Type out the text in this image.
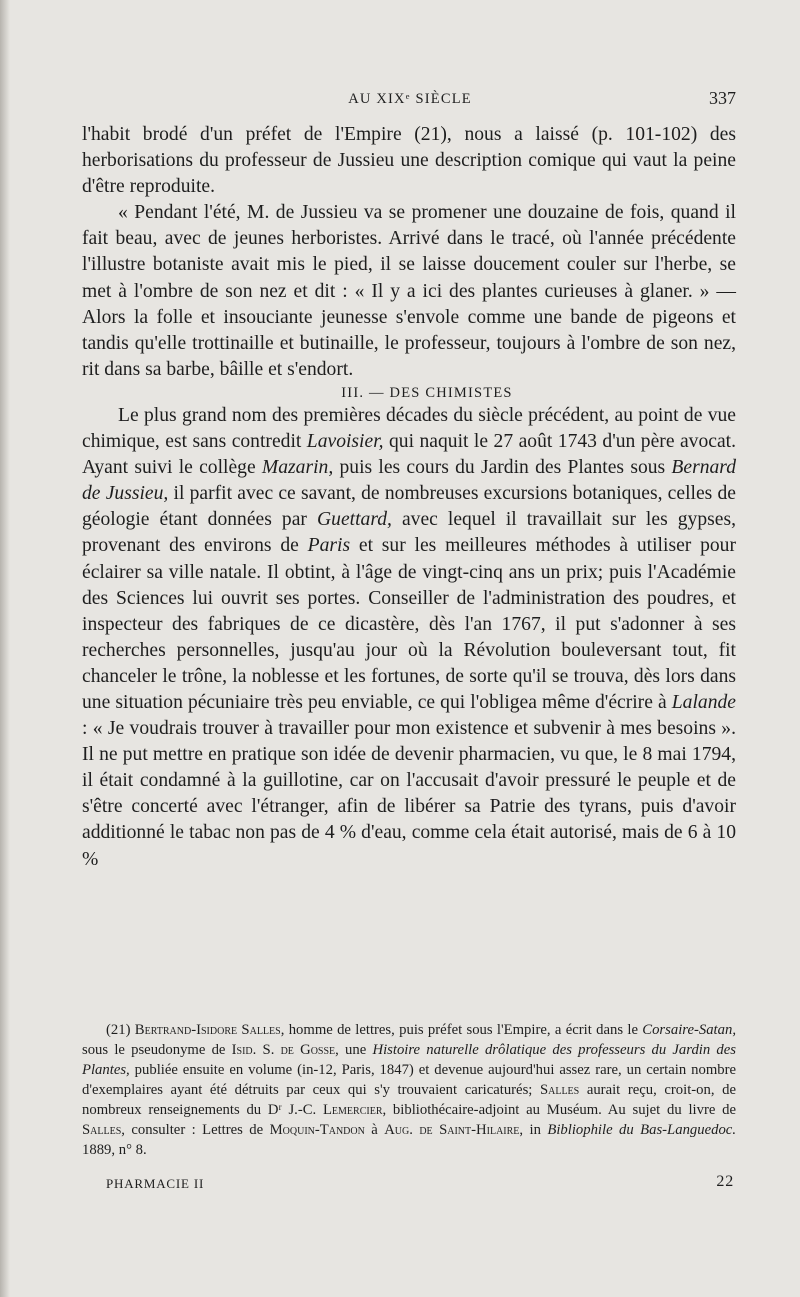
AU XIXᵉ SIÈCLE	337

l'habit brodé d'un préfet de l'Empire (21), nous a laissé (p. 101-102) des herborisations du professeur de Jussieu une description comique qui vaut la peine d'être reproduite.

« Pendant l'été, M. de Jussieu va se promener une douzaine de fois, quand il fait beau, avec de jeunes herboristes. Arrivé dans le tracé, où l'année précédente l'illustre botaniste avait mis le pied, il se laisse doucement couler sur l'herbe, se met à l'ombre de son nez et dit : « Il y a ici des plantes curieuses à glaner. » — Alors la folle et insouciante jeunesse s'envole comme une bande de pigeons et tandis qu'elle trottinaille et butinaille, le professeur, toujours à l'ombre de son nez, rit dans sa barbe, bâille et s'endort.

III. — DES CHIMISTES

Le plus grand nom des premières décades du siècle précédent, au point de vue chimique, est sans contredit Lavoisier, qui naquit le 27 août 1743 d'un père avocat. Ayant suivi le collège Mazarin, puis les cours du Jardin des Plantes sous Bernard de Jussieu, il parfit avec ce savant, de nombreuses excursions botaniques, celles de géologie étant données par Guettard, avec lequel il travaillait sur les gypses, provenant des environs de Paris et sur les meilleures méthodes à utiliser pour éclairer sa ville natale. Il obtint, à l'âge de vingt-cinq ans un prix; puis l'Académie des Sciences lui ouvrit ses portes. Conseiller de l'administration des poudres, et inspecteur des fabriques de ce dicastère, dès l'an 1767, il put s'adonner à ses recherches personnelles, jusqu'au jour où la Révolution bouleversant tout, fit chanceler le trône, la noblesse et les fortunes, de sorte qu'il se trouva, dès lors dans une situation pécuniaire très peu enviable, ce qui l'obligea même d'écrire à Lalande : « Je voudrais trouver à travailler pour mon existence et subvenir à mes besoins ». Il ne put mettre en pratique son idée de devenir pharmacien, vu que, le 8 mai 1794, il était condamné à la guillotine, car on l'accusait d'avoir pressuré le peuple et de s'être concerté avec l'étranger, afin de libérer sa Patrie des tyrans, puis d'avoir additionné le tabac non pas de 4 % d'eau, comme cela était autorisé, mais de 6 à 10 %

(21) Bertrand-Isidore Salles, homme de lettres, puis préfet sous l'Empire, a écrit dans le Corsaire-Satan, sous le pseudonyme de Isid. S. de Gosse, une Histoire naturelle drôlatique des professeurs du Jardin des Plantes, publiée ensuite en volume (in-12, Paris, 1847) et devenue aujourd'hui assez rare, un certain nombre d'exemplaires ayant été détruits par ceux qui s'y trouvaient caricaturés; Salles aurait reçu, croit-on, de nombreux renseignements du Dʳ J.-C. Lemercier, bibliothécaire-adjoint au Muséum. Au sujet du livre de Salles, consulter : Lettres de Moquin-Tandon à Aug. de Saint-Hilaire, in Bibliophile du Bas-Languedoc. 1889, n° 8.

PHARMACIE II	22
